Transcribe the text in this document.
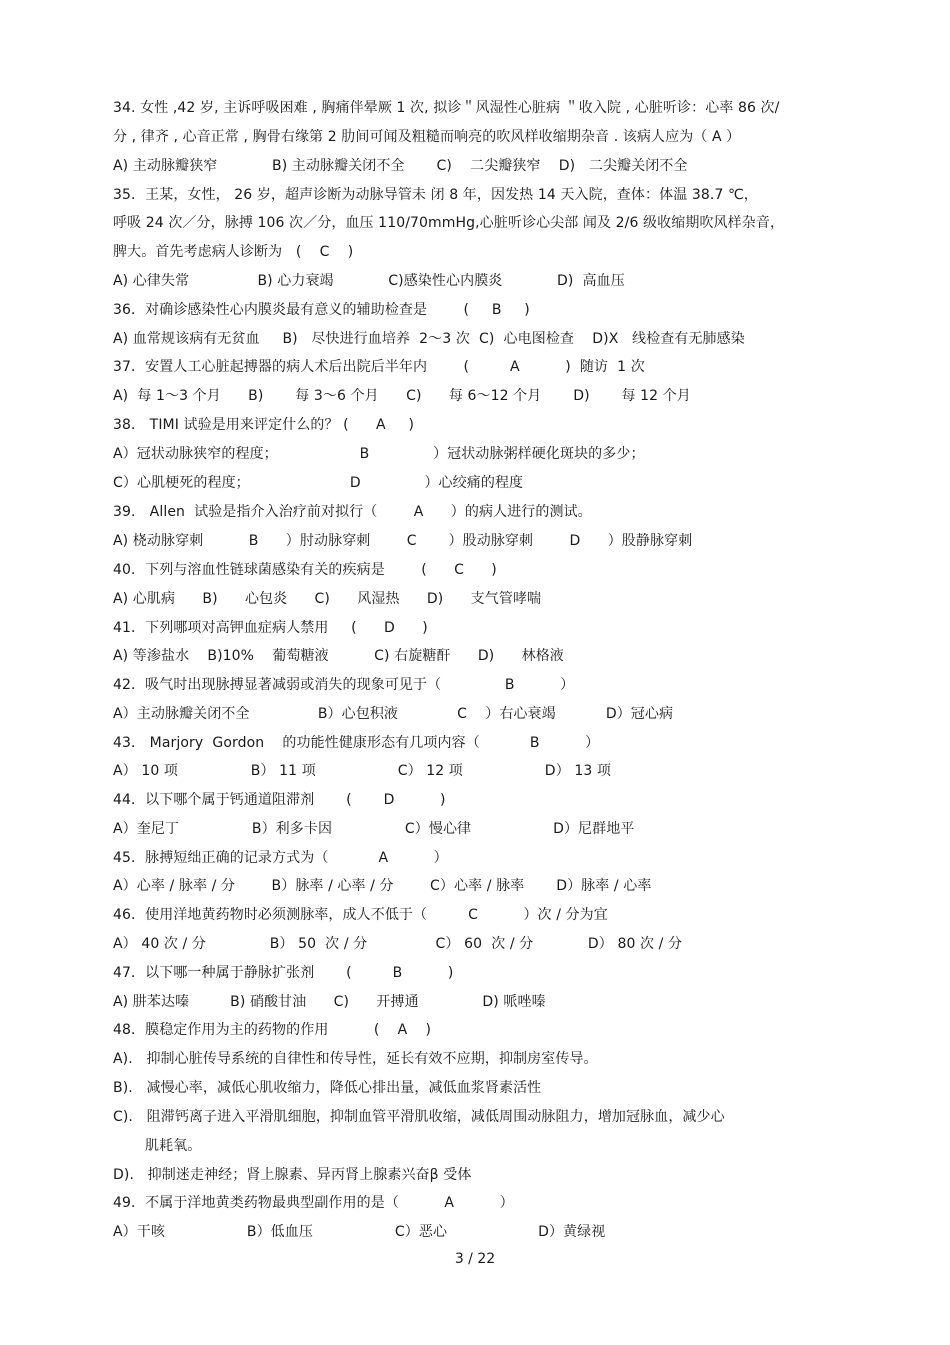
34. 女性 ,42 岁, 主诉呼吸困难 , 胸痛伴晕厥 1 次, 拟诊＂风湿性心脏病 ＂收入院 , 心脏听诊：心率 86 次/
分 , 律齐 , 心音正常 , 胸骨右缘第 2 肋间可闻及粗糙而响亮的吹风样收缩期杂音 . 该病人应为（ A ）
A) 主动脉瓣狭窄            B) 主动脉瓣关闭不全       C)    二尖瓣狭窄    D)   二尖瓣关闭不全
35．王某，女性， 26 岁，超声诊断为动脉导管未 闭 8 年，因发热 14 天入院，查体：体温 38.7 ℃，
呼吸 24 次／分，脉搏 106 次／分，血压 110/70mmHg,心脏听诊心尖部 闻及 2/6 级收缩期吹风样杂音，
脾大。首先考虑病人诊断为   (    C    )
A) 心律失常               B) 心力衰竭            C)感染性心内膜炎            D)  高血压
36．对确诊感染性心内膜炎最有意义的辅助检查是        (     B     )
A) 血常规该病有无贫血     B)   尽快进行血培养  2～3 次  C)  心电图检查    D)X   线检查有无肺感染
37．安置人工心脏起搏器的病人术后出院后半年内        (         A          )  随访  1 次
A)  每 1～3 个月      B)       每 3～6 个月      C)      每 6～12 个月       D)       每 12 个月
38． TIMI 试验是用来评定什么的？ (      A     )
A）冠状动脉狭窄的程度；                  B              ）冠状动脉粥样硬化斑块的多少；
C）心肌梗死的程度；                      D              ）心绞痛的程度
39． Allen  试验是指介入治疗前对拟行（        A      ）的病人进行的测试。
A) 桡动脉穿刺          B      ）肘动脉穿刺        C       ）股动脉穿刺        D      ）股静脉穿刺
40．下列与溶血性链球菌感染有关的疾病是        (      C      )
A) 心肌病      B)      心包炎      C)      风湿热      D)      支气管哮喘
41．下列哪项对高钾血症病人禁用     (      D      )
A) 等渗盐水    B)10%    葡萄糖液          C) 右旋糖酐      D)      林格液
42．吸气时出现脉搏显著减弱或消失的现象可见于（              B          ）
A）主动脉瓣关闭不全               B）心包积液             C    ）右心衰竭           D）冠心病
43． Marjory  Gordon    的功能性健康形态有几项内容（           B          ）
A） 10 项                B） 11 项                  C） 12 项                  D） 13 项
44．以下哪个属于钙通道阻滞剂       (       D          )
A）奎尼丁                B）利多卡因                C）慢心律                  D）尼群地平
45．脉搏短绌正确的记录方式为（           A          ）
A）心率 / 脉率 / 分        B）脉率 / 心率 / 分        C）心率 / 脉率       D）脉率 / 心率
46．使用洋地黄药物时必须测脉率，成人不低于（         C          ）次 / 分为宜
A） 40 次 / 分              B） 50  次 / 分               C） 60  次 / 分            D） 80 次 / 分
47．以下哪一种属于静脉扩张剂       (         B          )
A) 肼苯达嗪         B) 硝酸甘油      C)      开搏通              D) 哌唑嗪
48．膜稳定作用为主的药物的作用          (    A    )
A).   抑制心脏传导系统的自律性和传导性，延长有效不应期，抑制房室传导。
B).   减慢心率，减低心肌收缩力，降低心排出量，减低血浆肾素活性
C).   阻滞钙离子进入平滑肌细胞，抑制血管平滑肌收缩，减低周围动脉阻力，增加冠脉血，减少心
肌耗氧。
D).   抑制迷走神经；肾上腺素、异丙肾上腺素兴奋β 受体
49．不属于洋地黄类药物最典型副作用的是（          A          ）
A）干咳                  B）低血压                  C）恶心                    D）黄绿视
3 / 22
